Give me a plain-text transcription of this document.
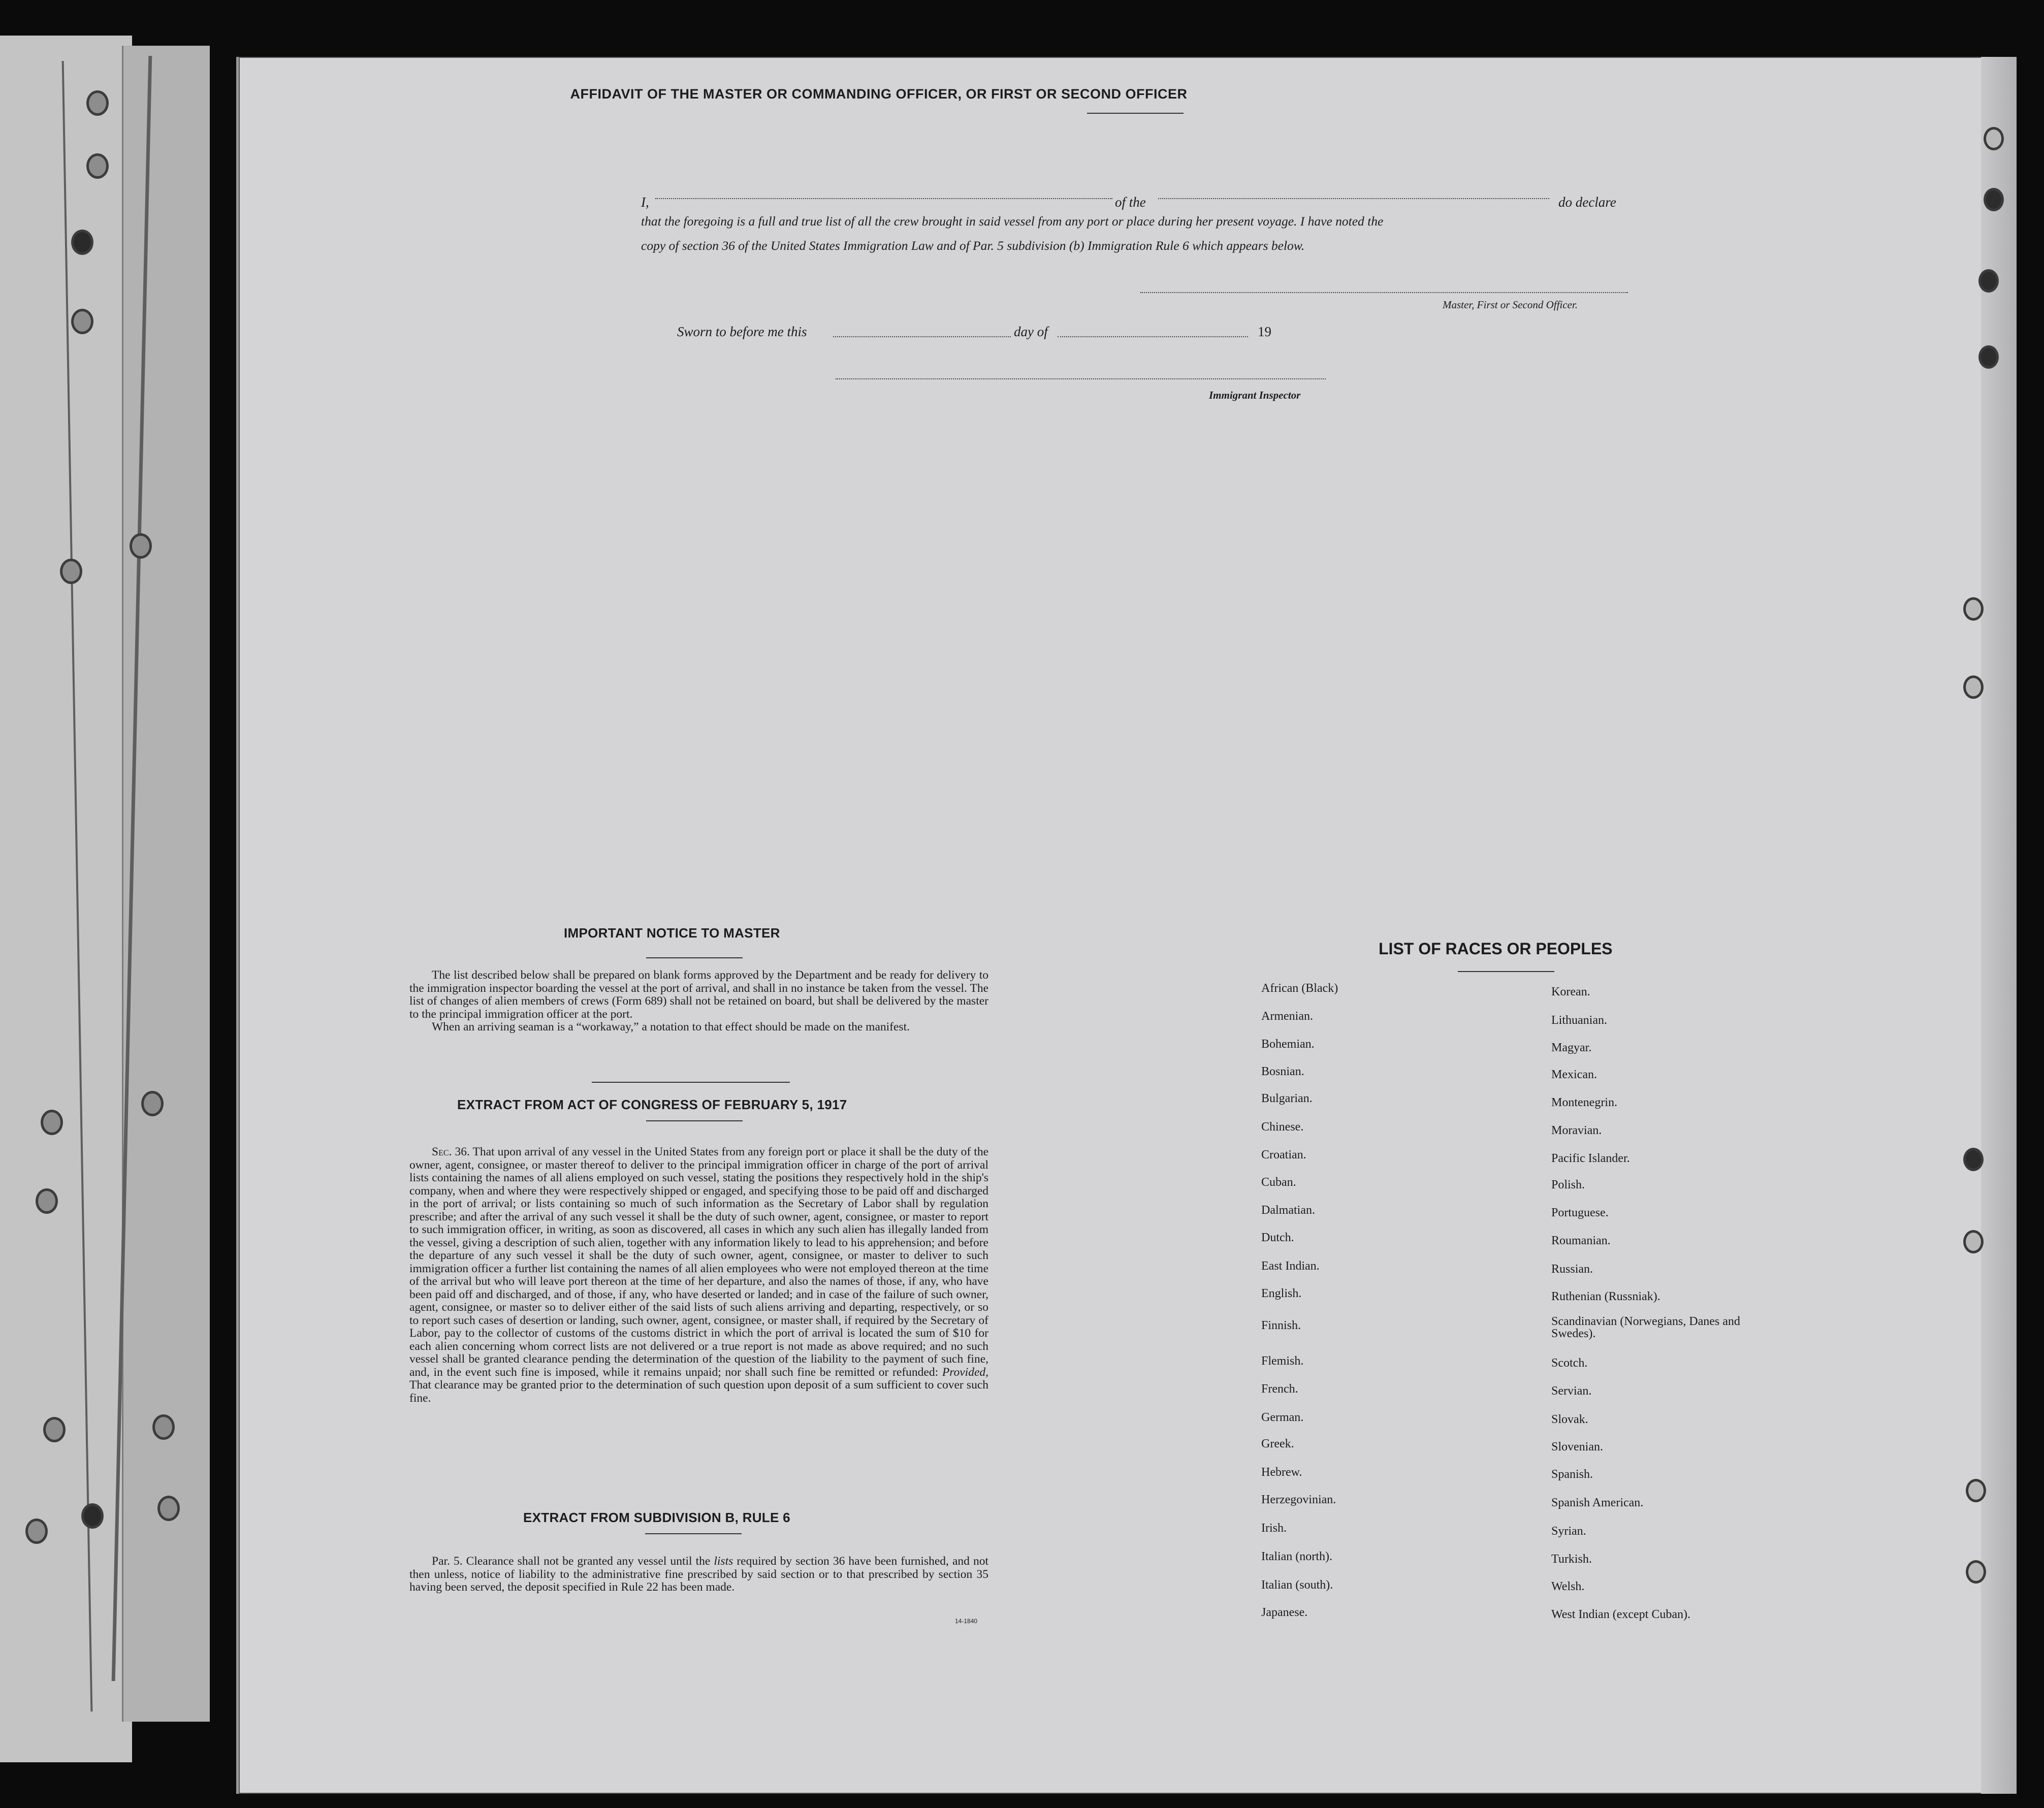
AFFIDAVIT OF THE MASTER OR COMMANDING OFFICER, OR FIRST OR SECOND OFFICER
I,	of the	do declare
that the foregoing is a full and true list of all the crew brought in said vessel from any port or place during her present voyage. I have noted the
copy of section 36 of the United States Immigration Law and of Par. 5 subdivision (b) Immigration Rule 6 which appears below.
Master, First or Second Officer.
Sworn to before me this	day of	19
Immigrant Inspector
IMPORTANT NOTICE TO MASTER

The list described below shall be prepared on blank forms approved by the Department and be ready for delivery to the immigration inspector boarding the vessel at the port of arrival, and shall in no instance be taken from the vessel. The list of changes of alien members of crews (Form 689) shall not be retained on board, but shall be delivered by the master to the principal immigration officer at the port.

When an arriving seaman is a “workaway,” a notation to that effect should be made on the manifest.

EXTRACT FROM ACT OF CONGRESS OF FEBRUARY 5, 1917

Sec. 36. That upon arrival of any vessel in the United States from any foreign port or place it shall be the duty of the owner, agent, consignee, or master thereof to deliver to the principal immigration officer in charge of the port of arrival lists containing the names of all aliens employed on such vessel, stating the positions they respectively hold in the ship's company, when and where they were respectively shipped or engaged, and specifying those to be paid off and discharged in the port of arrival; or lists containing so much of such information as the Secretary of Labor shall by regulation prescribe; and after the arrival of any such vessel it shall be the duty of such owner, agent, consignee, or master to report to such immigration officer, in writing, as soon as discovered, all cases in which any such alien has illegally landed from the vessel, giving a description of such alien, together with any information likely to lead to his apprehension; and before the departure of any such vessel it shall be the duty of such owner, agent, consignee, or master to deliver to such immigration officer a further list containing the names of all alien employees who were not employed thereon at the time of the arrival but who will leave port thereon at the time of her departure, and also the names of those, if any, who have been paid off and discharged, and of those, if any, who have deserted or landed; and in case of the failure of such owner, agent, consignee, or master so to deliver either of the said lists of such aliens arriving and departing, respectively, or so to report such cases of desertion or landing, such owner, agent, consignee, or master shall, if required by the Secretary of Labor, pay to the collector of customs of the customs district in which the port of arrival is located the sum of $10 for each alien concerning whom correct lists are not delivered or a true report is not made as above required; and no such vessel shall be granted clearance pending the determination of the question of the liability to the payment of such fine, and, in the event such fine is imposed, while it remains unpaid; nor shall such fine be remitted or refunded: Provided, That clearance may be granted prior to the determination of such question upon deposit of a sum sufficient to cover such fine.

EXTRACT FROM SUBDIVISION B, RULE 6

Par. 5. Clearance shall not be granted any vessel until the lists required by section 36 have been furnished, and not then unless, notice of liability to the administrative fine prescribed by said section or to that prescribed by section 35 having been served, the deposit specified in Rule 22 has been made.

14-1840
LIST OF RACES OR PEOPLES
African (Black)
Armenian.
Bohemian.
Bosnian.
Bulgarian.
Chinese.
Croatian.
Cuban.
Dalmatian.
Dutch.
East Indian.
English.
Finnish.
Flemish.
French.
German.
Greek.
Hebrew.
Herzegovinian.
Irish.
Italian (north).
Italian (south).
Japanese.
Korean.
Lithuanian.
Magyar.
Mexican.
Montenegrin.
Moravian.
Pacific Islander.
Polish.
Portuguese.
Roumanian.
Russian.
Ruthenian (Russniak).
Scandinavian (Norwegians, Danes and Swedes).
Scotch.
Servian.
Slovak.
Slovenian.
Spanish.
Spanish American.
Syrian.
Turkish.
Welsh.
West Indian (except Cuban).
